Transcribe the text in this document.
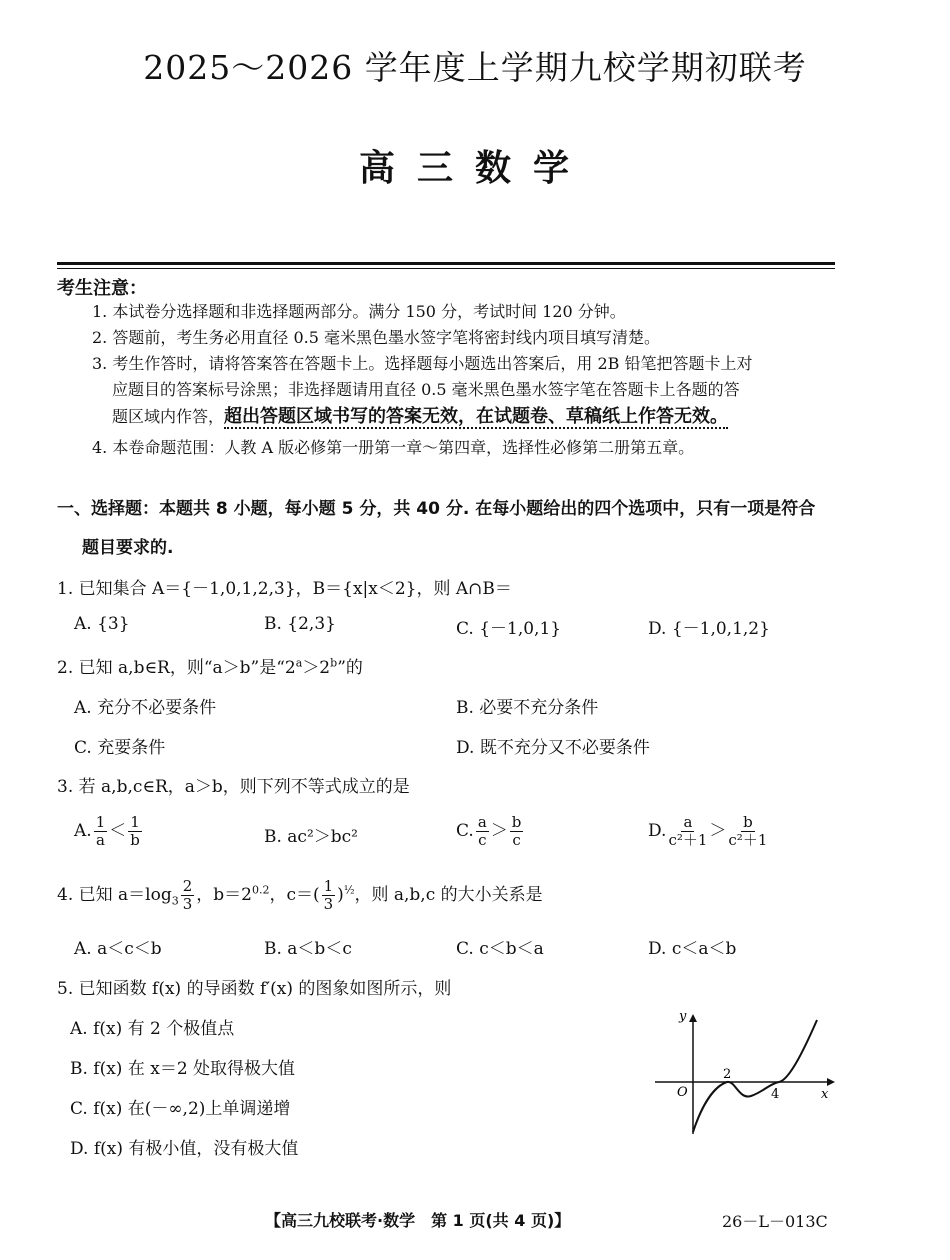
2025～2026 学年度上学期九校学期初联考
高三数学
考生注意：
1. 本试卷分选择题和非选择题两部分。满分 150 分，考试时间 120 分钟。
2. 答题前，考生务必用直径 0.5 毫米黑色墨水签字笔将密封线内项目填写清楚。
3. 考生作答时，请将答案答在答题卡上。选择题每小题选出答案后，用 2B 铅笔把答题卡上对
应题目的答案标号涂黑；非选择题请用直径 0.5 毫米黑色墨水签字笔在答题卡上各题的答
题区域内作答，超出答题区域书写的答案无效，在试题卷、草稿纸上作答无效。
4. 本卷命题范围：人教 A 版必修第一册第一章～第四章，选择性必修第二册第五章。
一、选择题：本题共 8 小题，每小题 5 分，共 40 分. 在每小题给出的四个选项中，只有一项是符合
题目要求的.
1. 已知集合 A＝{－1,0,1,2,3}，B＝{x|x＜2}，则 A∩B＝
A. {3}	B. {2,3}	C. {－1,0,1}	D. {－1,0,1,2}
2. 已知 a,b∈R，则“a＞b”是“$2^a>2^b$”的
A. 充分不必要条件	B. 必要不充分条件
C. 充要条件	D. 既不充分又不必要条件
3. 若 a,b,c∈R，a＞b，则下列不等式成立的是
A. $\frac{1}{a} < \frac{1}{b}$	B. ac²＞bc²	C. $\frac{a}{c} > \frac{b}{c}$	D. $\frac{a}{\text{c²＋1}} > \frac{b}{\text{c²＋1}}$
4. 已知 $a=\log_3 \frac{2}{3}$ ，$b=2^{0.2}$，$c=( \frac{1}{3} )^{\frac{1}{2}}$，则 a,b,c 的大小关系是
A. a＜c＜b	B. a＜b＜c	C. c＜b＜a	D. c＜a＜b
5. 已知函数 f(x) 的导函数 f′(x) 的图象如图所示，则
A. f(x) 有 2 个极值点
B. f(x) 在 x＝2 处取得极大值
C. f(x) 在(－∞,2)上单调递增
D. f(x) 有极小值，没有极大值
y
x
O
2
4
【高三九校联考·数学　第 1 页(共 4 页)】	26－L－013C
